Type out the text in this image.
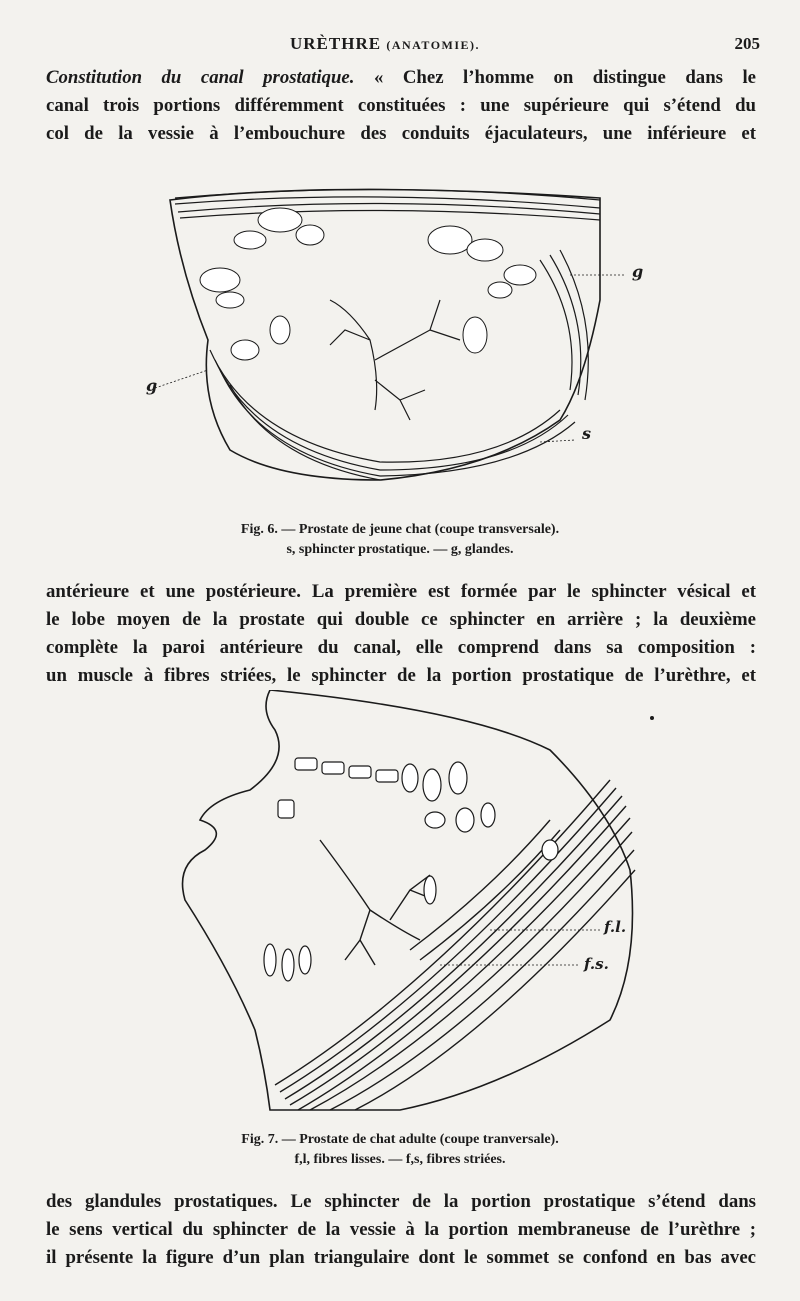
URÈTHRE (ANATOMIE).	205
Constitution du canal prostatique. « Chez l’homme on distingue dans le
canal trois portions différemment constituées : une supérieure qui s’étend du
col de la vessie à l’embouchure des conduits éjaculateurs, une inférieure et
g
g
s
Fig. 6. — Prostate de jeune chat (coupe transversale).
s, sphincter prostatique. — g, glandes.
antérieure et une postérieure. La première est formée par le sphincter vésical et
le lobe moyen de la prostate qui double ce sphincter en arrière ; la deuxième
complète la paroi antérieure du canal, elle comprend dans sa composition :
un muscle à fibres striées, le sphincter de la portion prostatique de l’urèthre, et
f.l.
f.s.
Fig. 7. — Prostate de chat adulte (coupe tranversale).
f,l, fibres lisses. — f,s, fibres striées.
des glandules prostatiques. Le sphincter de la portion prostatique s’étend dans
le sens vertical du sphincter de la vessie à la portion membraneuse de l’urèthre ;
il présente la figure d’un plan triangulaire dont le sommet se confond en bas avec
